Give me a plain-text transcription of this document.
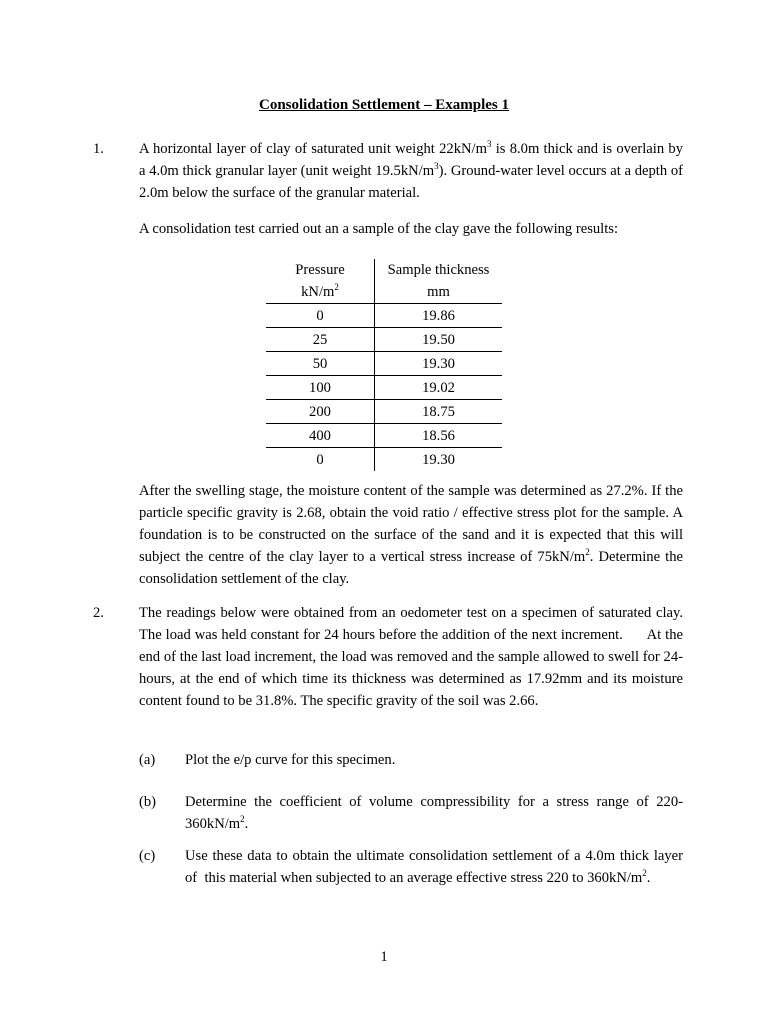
Consolidation Settlement – Examples 1
1. A horizontal layer of clay of saturated unit weight $22kN/m^3$ is 8.0m thick and is overlain by a 4.0m thick granular layer (unit weight $19.5kN/m^3$). Ground-water level occurs at a depth of 2.0m below the surface of the granular material.

A consolidation test carried out an a sample of the clay gave the following results:

Pressure	Sample thickness
$kN/m^2$	mm
0	19.86
25	19.50
50	19.30
100	19.02
200	18.75
400	18.56
0	19.30

After the swelling stage, the moisture content of the sample was determined as 27.2%. If the particle specific gravity is 2.68, obtain the void ratio / effective stress plot for the sample. A foundation is to be constructed on the surface of the sand and it is expected that this will subject the centre of the clay layer to a vertical stress increase of $75kN/m^2$. Determine the consolidation settlement of the clay.

2. The readings below were obtained from an oedometer test on a specimen of saturated clay. The load was held constant for 24 hours before the addition of the next increment.      At the end of the last load increment, the load was removed and the sample allowed to swell for 24-hours, at the end of which time its thickness was determined as 17.92mm and its moisture content found to be 31.8%. The specific gravity of the soil was 2.66.

(a) Plot the e/p curve for this specimen.
(b) Determine the coefficient of volume compressibility for a stress range of $220-360kN/m^2$.
(c) Use these data to obtain the ultimate consolidation settlement of a 4.0m thick layer of  this material when subjected to an average effective stress 220 to $360kN/m^2$.
1
